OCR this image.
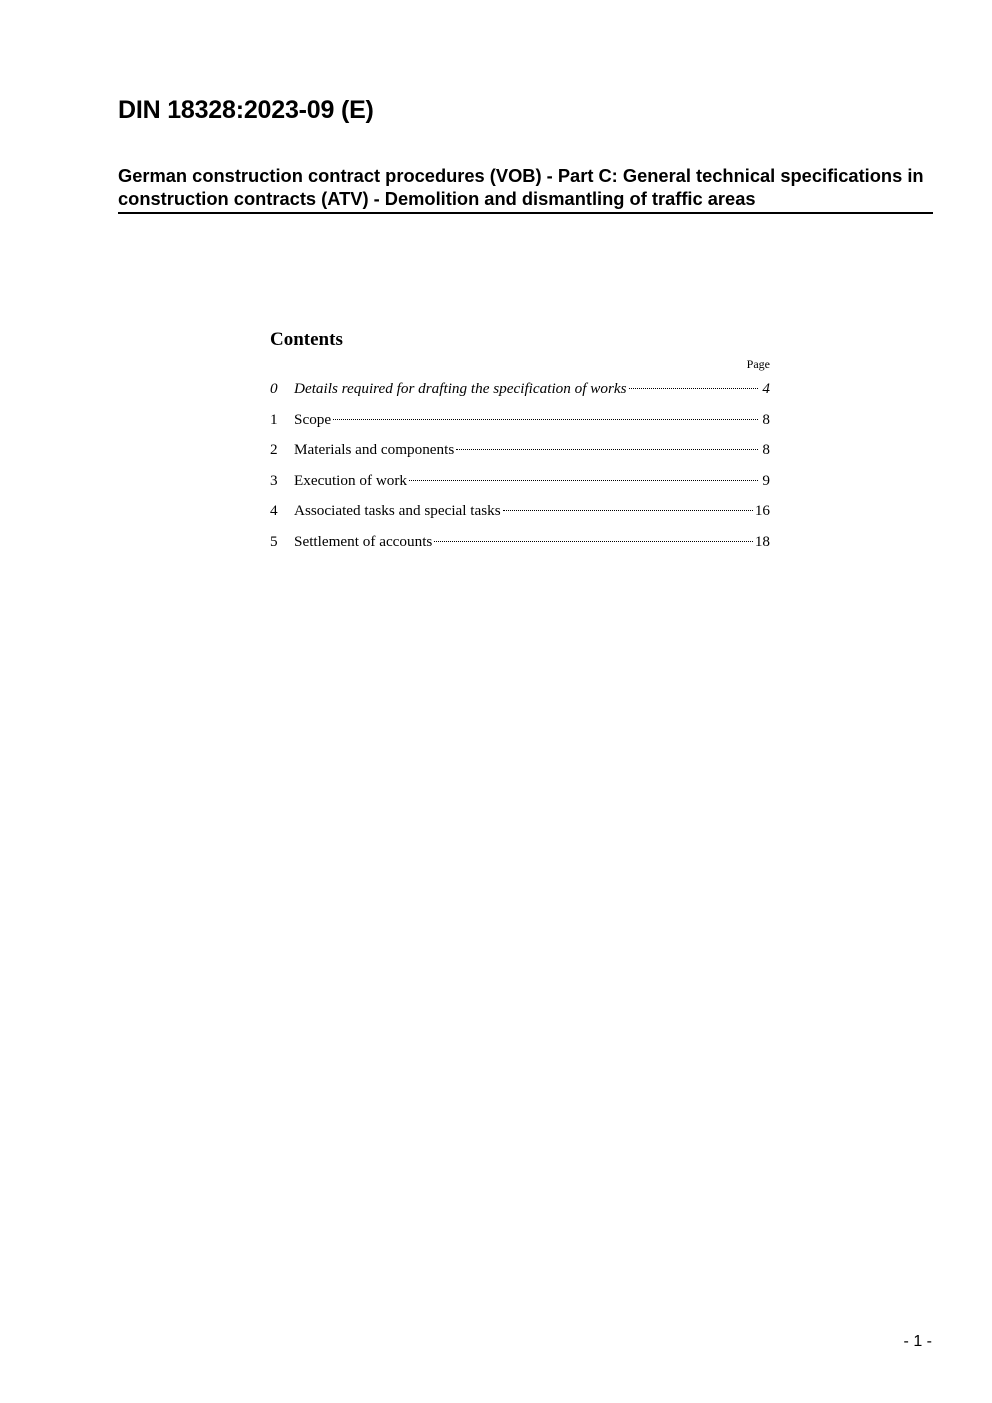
DIN 18328:2023-09 (E)
German construction contract procedures (VOB) - Part C: General technical specifications in construction contracts (ATV) - Demolition and dismantling of traffic areas
Contents
Page
0	Details required for drafting the specification of works	4
1	Scope	8
2	Materials and components	8
3	Execution of work	9
4	Associated tasks and special tasks	16
5	Settlement of accounts	18
- 1 -
